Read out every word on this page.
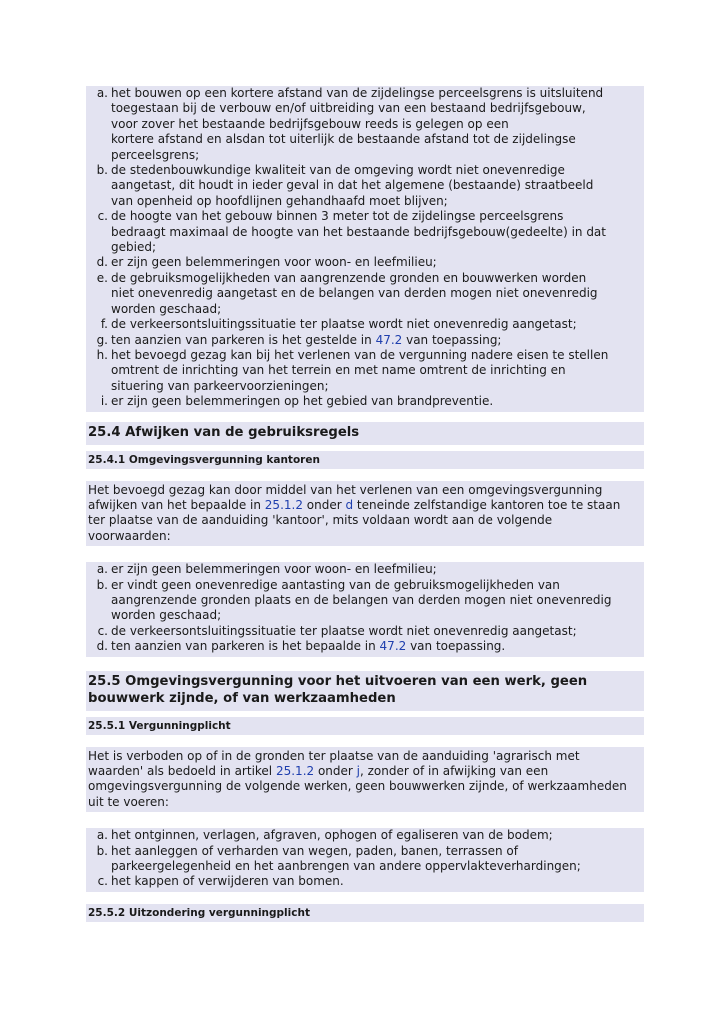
a. het bouwen op een kortere afstand van de zijdelingse perceelsgrens is uitsluitend
toegestaan bij de verbouw en/of uitbreiding van een bestaand bedrijfsgebouw,
voor zover het bestaande bedrijfsgebouw reeds is gelegen op een
kortere afstand en alsdan tot uiterlijk de bestaande afstand tot de zijdelingse
perceelsgrens;
b. de stedenbouwkundige kwaliteit van de omgeving wordt niet onevenredige
aangetast, dit houdt in ieder geval in dat het algemene (bestaande) straatbeeld
van openheid op hoofdlijnen gehandhaafd moet blijven;
c. de hoogte van het gebouw binnen 3 meter tot de zijdelingse perceelsgrens
bedraagt maximaal de hoogte van het bestaande bedrijfsgebouw(gedeelte) in dat
gebied;
d. er zijn geen belemmeringen voor woon- en leefmilieu;
e. de gebruiksmogelijkheden van aangrenzende gronden en bouwwerken worden
niet onevenredig aangetast en de belangen van derden mogen niet onevenredig
worden geschaad;
f. de verkeersontsluitingssituatie ter plaatse wordt niet onevenredig aangetast;
g. ten aanzien van parkeren is het gestelde in 47.2 van toepassing;
h. het bevoegd gezag kan bij het verlenen van de vergunning nadere eisen te stellen
omtrent de inrichting van het terrein en met name omtrent de inrichting en
situering van parkeervoorzieningen;
i. er zijn geen belemmeringen op het gebied van brandpreventie.
25.4 Afwijken van de gebruiksregels
25.4.1 Omgevingsvergunning kantoren
Het bevoegd gezag kan door middel van het verlenen van een omgevingsvergunning
afwijken van het bepaalde in 25.1.2 onder d teneinde zelfstandige kantoren toe te staan
ter plaatse van de aanduiding 'kantoor', mits voldaan wordt aan de volgende
voorwaarden:
a. er zijn geen belemmeringen voor woon- en leefmilieu;
b. er vindt geen onevenredige aantasting van de gebruiksmogelijkheden van
aangrenzende gronden plaats en de belangen van derden mogen niet onevenredig
worden geschaad;
c. de verkeersontsluitingssituatie ter plaatse wordt niet onevenredig aangetast;
d. ten aanzien van parkeren is het bepaalde in 47.2 van toepassing.
25.5 Omgevingsvergunning voor het uitvoeren van een werk, geen
bouwwerk zijnde, of van werkzaamheden
25.5.1 Vergunningplicht
Het is verboden op of in de gronden ter plaatse van de aanduiding 'agrarisch met
waarden' als bedoeld in artikel 25.1.2 onder j, zonder of in afwijking van een
omgevingsvergunning de volgende werken, geen bouwwerken zijnde, of werkzaamheden
uit te voeren:
a. het ontginnen, verlagen, afgraven, ophogen of egaliseren van de bodem;
b. het aanleggen of verharden van wegen, paden, banen, terrassen of
parkeergelegenheid en het aanbrengen van andere oppervlakteverhardingen;
c. het kappen of verwijderen van bomen.
25.5.2 Uitzondering vergunningplicht
